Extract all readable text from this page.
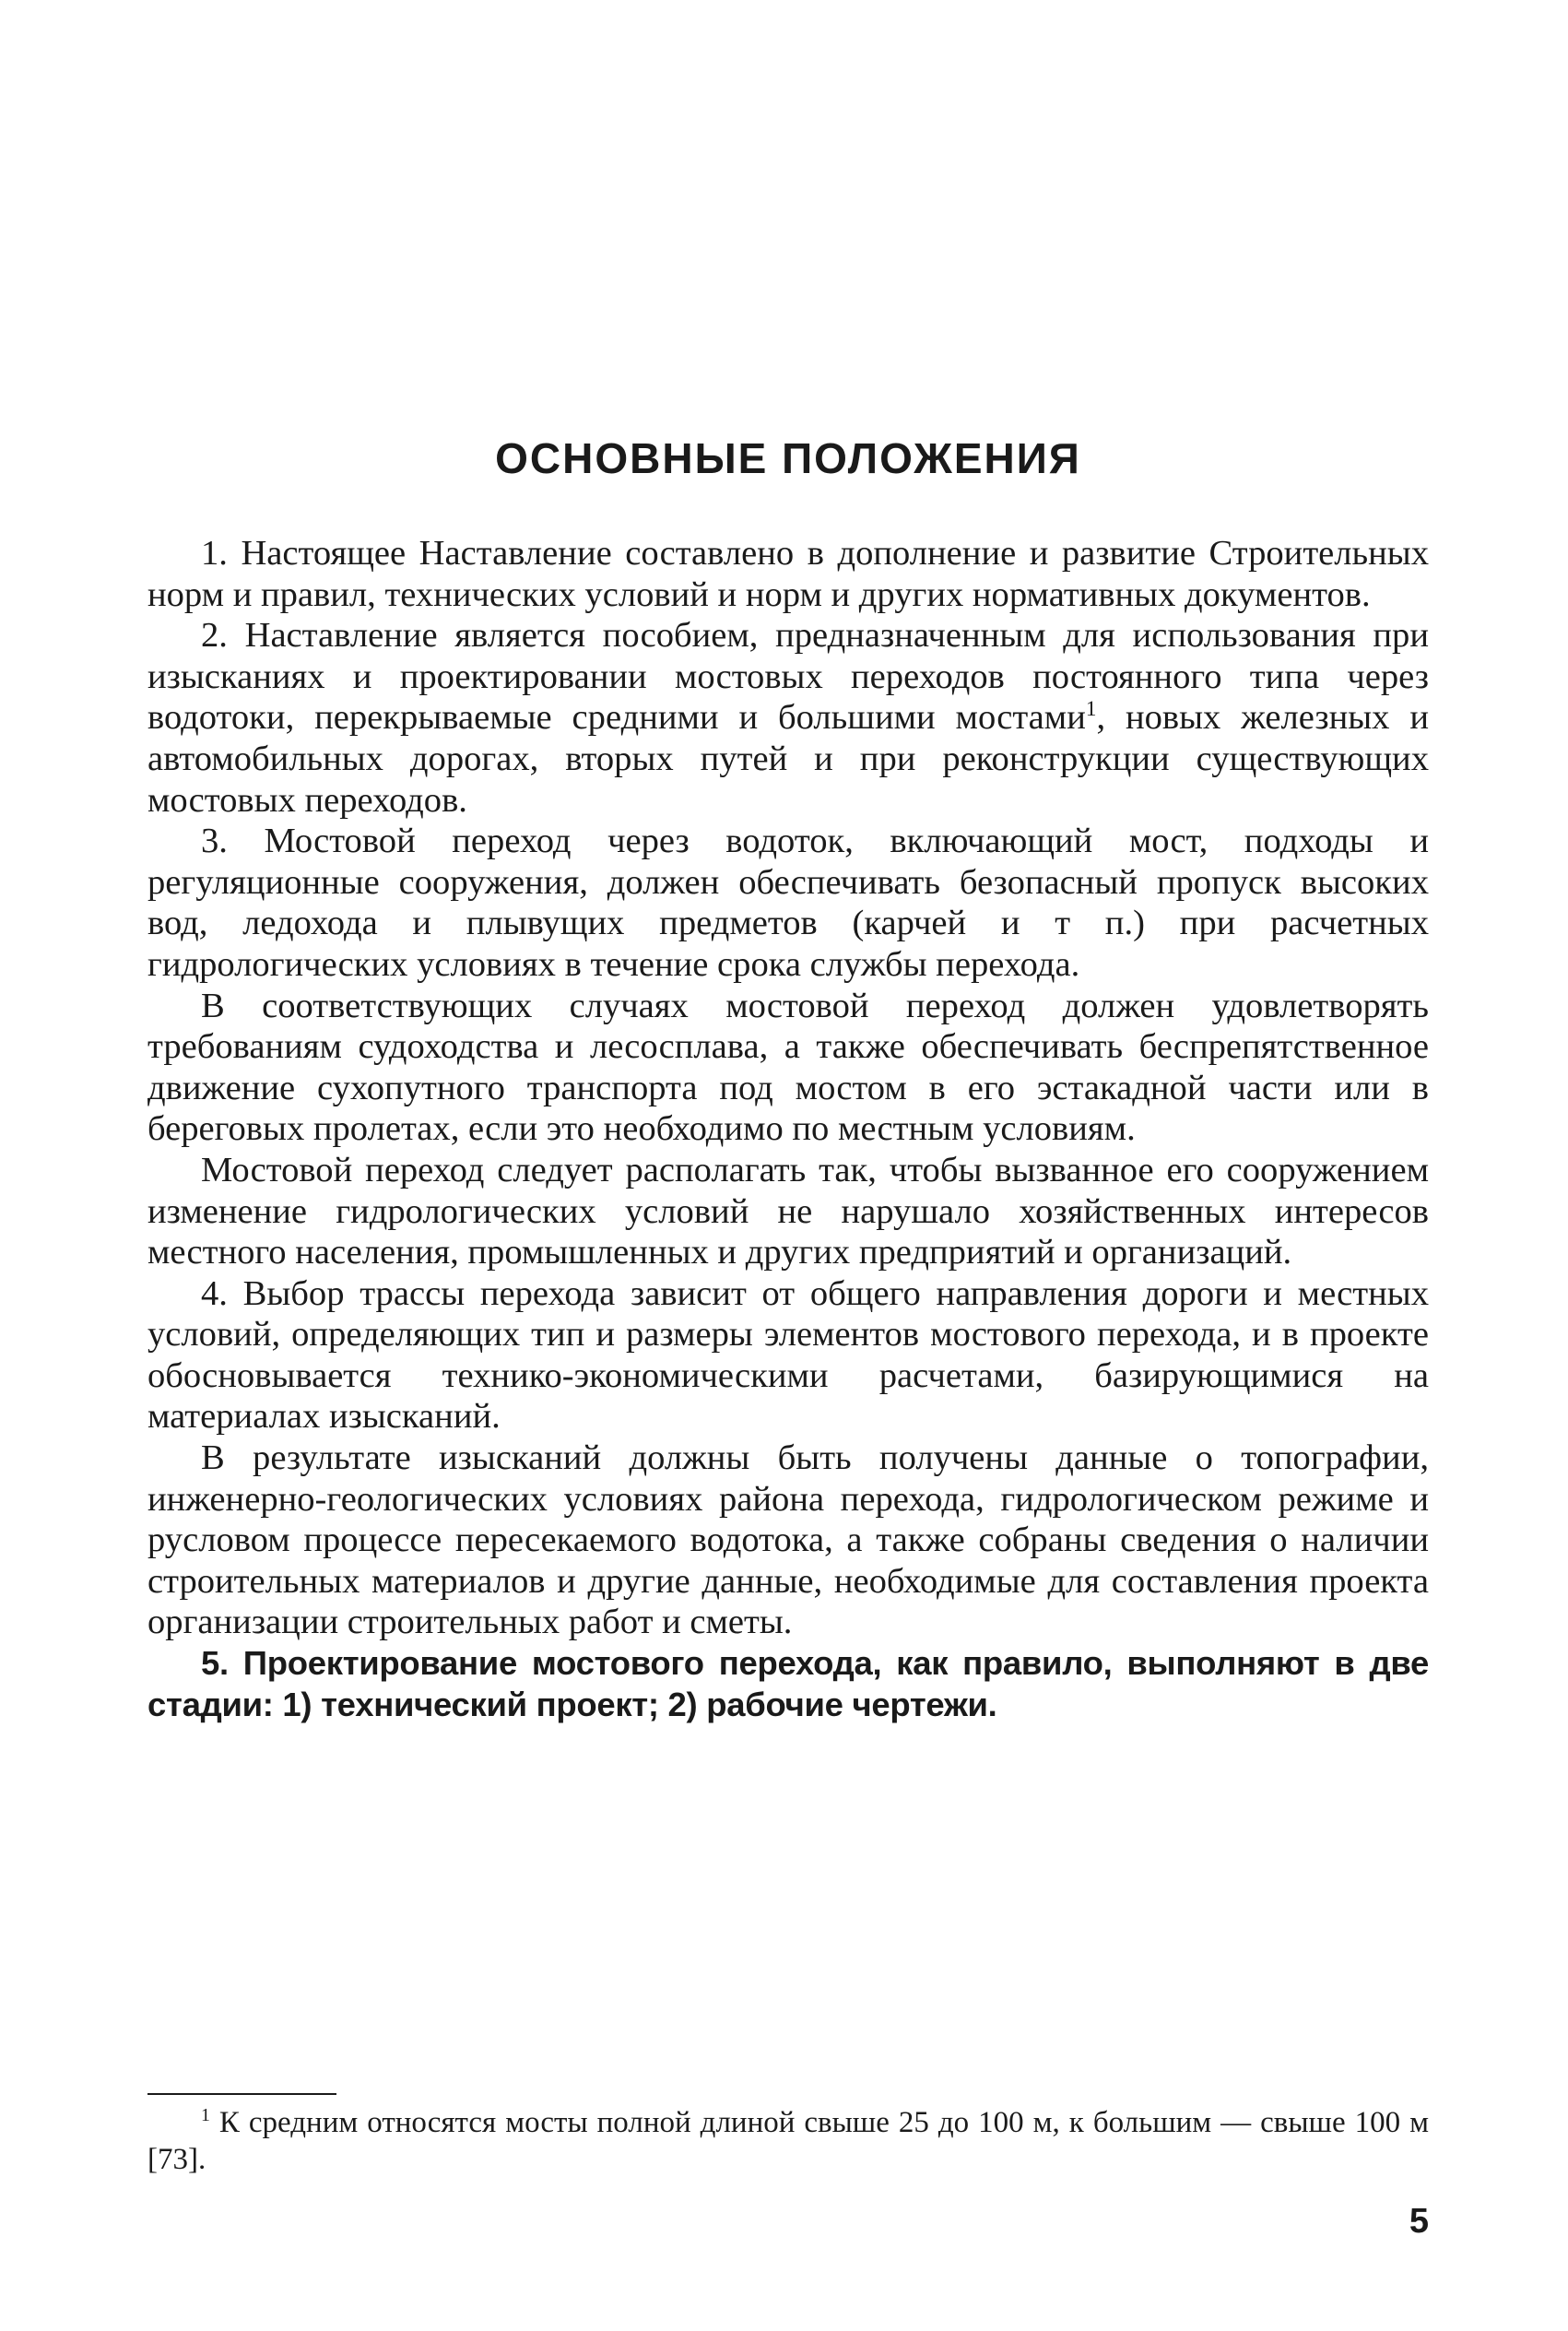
ОСНОВНЫЕ ПОЛОЖЕНИЯ

1. Настоящее Наставление составлено в дополнение и развитие Строительных норм и правил, технических условий и норм и других нормативных документов.

2. Наставление является пособием, предназначенным для использования при изысканиях и проектировании мостовых переходов постоянного типа через водотоки, перекрываемые средними и большими мостами$^1$, новых железных и автомобильных дорогах, вторых путей и при реконструкции существующих мостовых переходов.

3. Мостовой переход через водоток, включающий мост, подходы и регуляционные сооружения, должен обеспечивать безопасный пропуск высоких вод, ледохода и плывущих предметов (карчей и т п.) при расчетных гидрологических условиях в течение срока службы перехода.

В соответствующих случаях мостовой переход должен удовлетворять требованиям судоходства и лесосплава, а также обеспечивать беспрепятственное движение сухопутного транспорта под мостом в его эстакадной части или в береговых пролетах, если это необходимо по местным условиям.

Мостовой переход следует располагать так, чтобы вызванное его сооружением изменение гидрологических условий не нарушало хозяйственных интересов местного населения, промышленных и других предприятий и организаций.

4. Выбор трассы перехода зависит от общего направления дороги и местных условий, определяющих тип и размеры элементов мостового перехода, и в проекте обосновывается технико-экономическими расчетами, базирующимися на материалах изысканий.

В результате изысканий должны быть получены данные о топографии, инженерно-геологических условиях района перехода, гидрологическом режиме и русловом процессе пересекаемого водотока, а также собраны сведения о наличии строительных материалов и другие данные, необходимые для составления проекта организации строительных работ и сметы.

5. Проектирование мостового перехода, как правило, выполняют в две стадии: 1) технический проект; 2) рабочие чертежи.

$^1$ К средним относятся мосты полной длиной свыше 25 до 100 м, к большим — свыше 100 м [73].

5
